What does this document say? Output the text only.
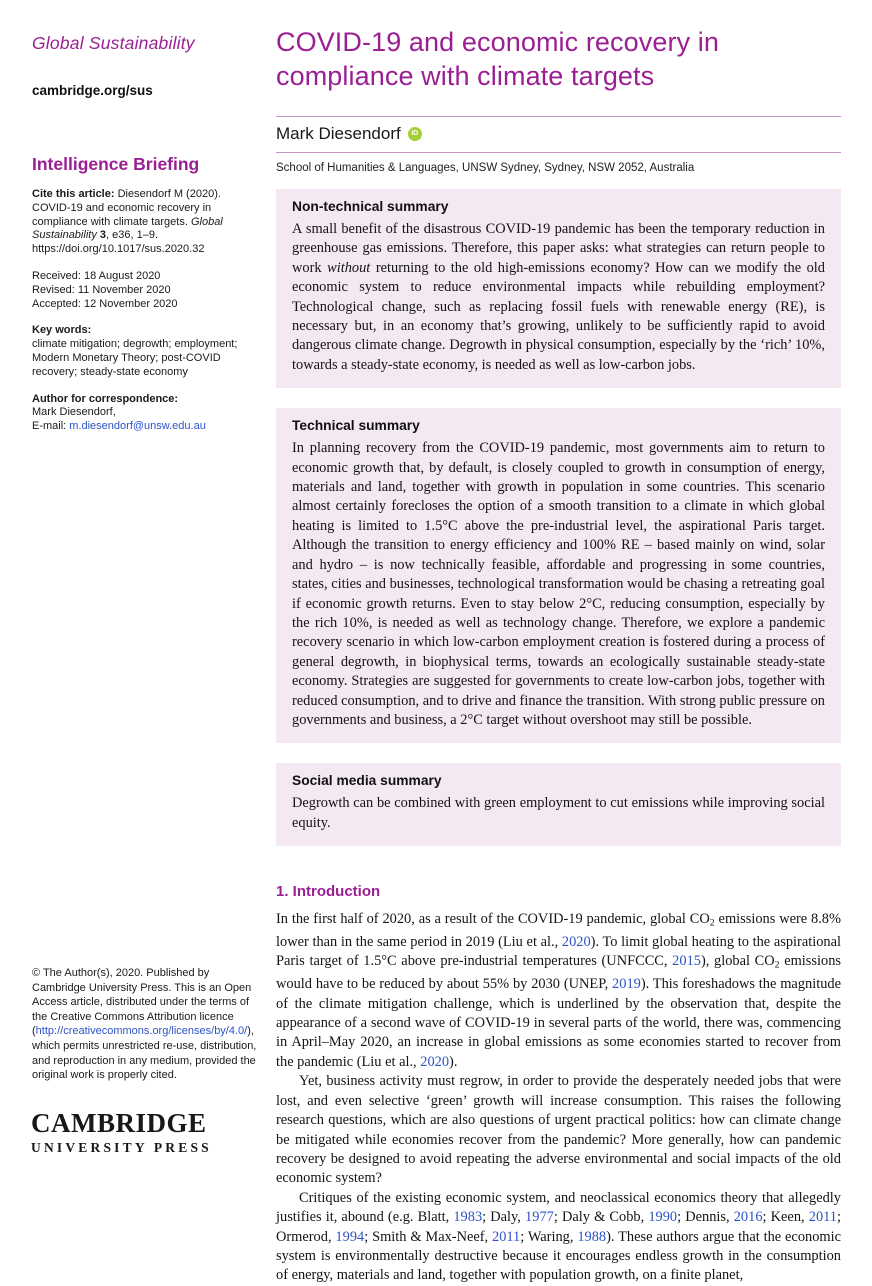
Global Sustainability
cambridge.org/sus
Intelligence Briefing

Cite this article: Diesendorf M (2020). COVID-19 and economic recovery in compliance with climate targets. Global Sustainability 3, e36, 1–9. https://doi.org/10.1017/sus.2020.32

Received: 18 August 2020
Revised: 11 November 2020
Accepted: 12 November 2020
Key words:
climate mitigation; degrowth; employment; Modern Monetary Theory; post-COVID recovery; steady-state economy
Author for correspondence:
Mark Diesendorf,
E-mail: m.diesendorf@unsw.edu.au

© The Author(s), 2020. Published by Cambridge University Press. This is an Open Access article, distributed under the terms of the Creative Commons Attribution licence (http://creativecommons.org/licenses/by/4.0/), which permits unrestricted re-use, distribution, and reproduction in any medium, provided the original work is properly cited.

CAMBRIDGE
UNIVERSITY PRESS
COVID-19 and economic recovery in compliance with climate targets
Mark Diesendorf	iD
School of Humanities & Languages, UNSW Sydney, Sydney, NSW 2052, Australia
Non-technical summary

A small benefit of the disastrous COVID-19 pandemic has been the temporary reduction in greenhouse gas emissions. Therefore, this paper asks: what strategies can return people to work without returning to the old high-emissions economy? How can we modify the old economic system to reduce environmental impacts while rebuilding employment? Technological change, such as replacing fossil fuels with renewable energy (RE), is necessary but, in an economy that’s growing, unlikely to be sufficiently rapid to avoid dangerous climate change. Degrowth in physical consumption, especially by the ‘rich’ 10%, towards a steady-state economy, is needed as well as low-carbon jobs.

Technical summary

In planning recovery from the COVID-19 pandemic, most governments aim to return to economic growth that, by default, is closely coupled to growth in consumption of energy, materials and land, together with growth in population in some countries. This scenario almost certainly forecloses the option of a smooth transition to a climate in which global heating is limited to 1.5°C above the pre-industrial level, the aspirational Paris target. Although the transition to energy efficiency and 100% RE – based mainly on wind, solar and hydro – is now technically feasible, affordable and progressing in some countries, states, cities and businesses, technological transformation would be chasing a retreating goal if economic growth returns. Even to stay below 2°C, reducing consumption, especially by the rich 10%, is needed as well as technology change. Therefore, we explore a pandemic recovery scenario in which low-carbon employment creation is fostered during a process of general degrowth, in biophysical terms, towards an ecologically sustainable steady-state economy. Strategies are suggested for governments to create low-carbon jobs, together with reduced consumption, and to drive and finance the transition. With strong public pressure on governments and business, a 2°C target without overshoot may still be possible.

Social media summary

Degrowth can be combined with green employment to cut emissions while improving social equity.

1. Introduction

In the first half of 2020, as a result of the COVID-19 pandemic, global $CO_2$ emissions were 8.8% lower than in the same period in 2019 (Liu et al., 2020). To limit global heating to the aspirational Paris target of 1.5°C above pre-industrial temperatures (UNFCCC, 2015), global $CO_2$ emissions would have to be reduced by about 55% by 2030 (UNEP, 2019). This foreshadows the magnitude of the climate mitigation challenge, which is underlined by the observation that, despite the appearance of a second wave of COVID-19 in several parts of the world, there was, commencing in April–May 2020, an increase in global emissions as some economies started to recover from the pandemic (Liu et al., 2020).

Yet, business activity must regrow, in order to provide the desperately needed jobs that were lost, and even selective ‘green’ growth will increase consumption. This raises the following research questions, which are also questions of urgent practical politics: how can climate change be mitigated while economies recover from the pandemic? More generally, how can pandemic recovery be designed to avoid repeating the adverse environmental and social impacts of the old economic system?

Critiques of the existing economic system, and neoclassical economics theory that allegedly justifies it, abound (e.g. Blatt, 1983; Daly, 1977; Daly & Cobb, 1990; Dennis, 2016; Keen, 2011; Ormerod, 1994; Smith & Max-Neef, 2011; Waring, 1988). These authors argue that the economic system is environmentally destructive because it encourages endless growth in the consumption of energy, materials and land, together with population growth, on a finite planet,
